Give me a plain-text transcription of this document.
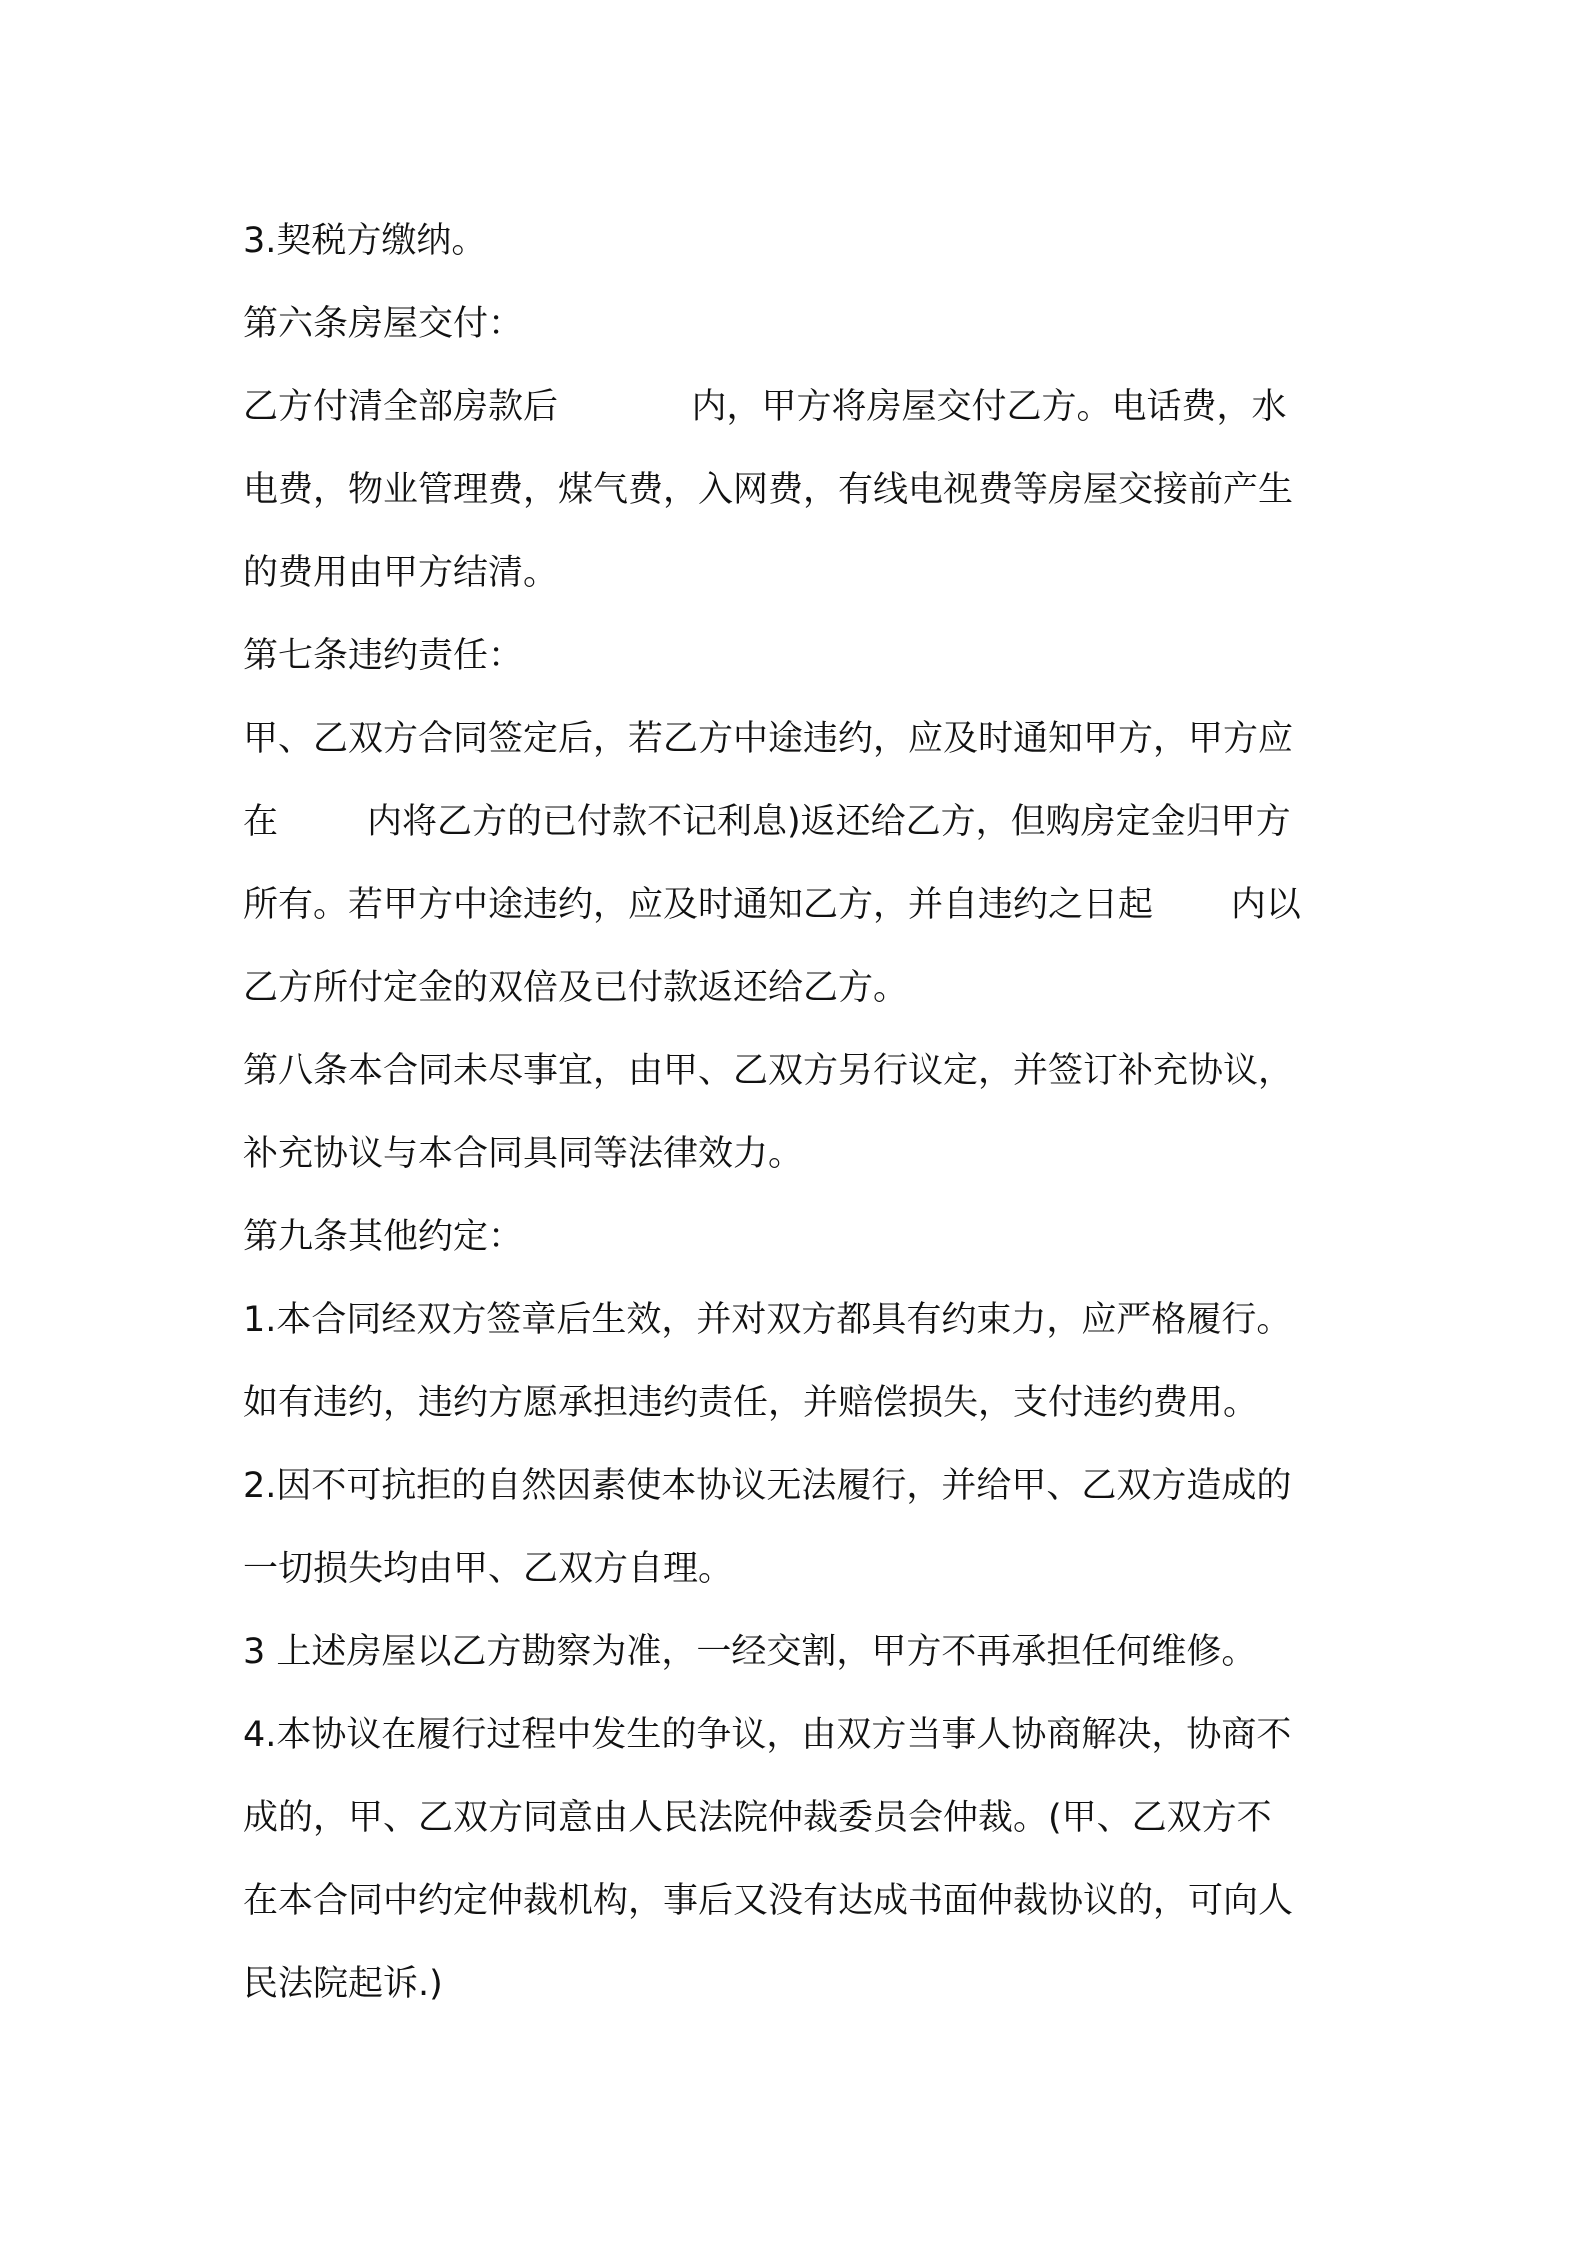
3.契税方缴纳。

第六条房屋交付：

乙方付清全部房款后            内，甲方将房屋交付乙方。电话费，水

电费，物业管理费，煤气费，入网费，有线电视费等房屋交接前产生

的费用由甲方结清。

第七条违约责任：

甲、乙双方合同签定后，若乙方中途违约，应及时通知甲方，甲方应

在        内将乙方的已付款不记利息)返还给乙方，但购房定金归甲方

所有。若甲方中途违约，应及时通知乙方，并自违约之日起       内以

乙方所付定金的双倍及已付款返还给乙方。

第八条本合同未尽事宜，由甲、乙双方另行议定，并签订补充协议，

补充协议与本合同具同等法律效力。

第九条其他约定：

1.本合同经双方签章后生效，并对双方都具有约束力，应严格履行。

如有违约，违约方愿承担违约责任，并赔偿损失，支付违约费用。

2.因不可抗拒的自然因素使本协议无法履行，并给甲、乙双方造成的

一切损失均由甲、乙双方自理。

3 上述房屋以乙方勘察为准，一经交割，甲方不再承担任何维修。

4.本协议在履行过程中发生的争议，由双方当事人协商解决，协商不

成的，甲、乙双方同意由人民法院仲裁委员会仲裁。(甲、乙双方不

在本合同中约定仲裁机构，事后又没有达成书面仲裁协议的，可向人

民法院起诉.)
